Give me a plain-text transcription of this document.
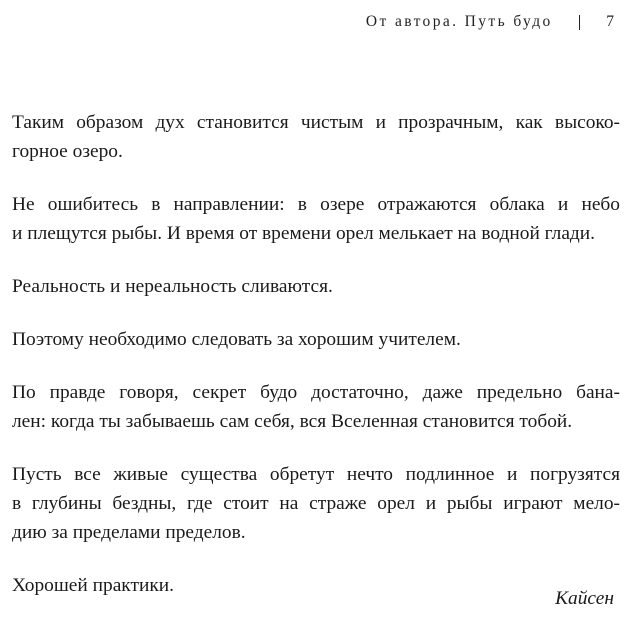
От автора. Путь будо	7

Таким образом дух становится чистым и прозрачным, как высоко-
горное озеро.

Не ошибитесь в направлении: в озере отражаются облака и небо
и плещутся рыбы. И время от времени орел мелькает на водной глади.

Реальность и нереальность сливаются.

Поэтому необходимо следовать за хорошим учителем.

По правде говоря, секрет будо достаточно, даже предельно бана-
лен: когда ты забываешь сам себя, вся Вселенная становится тобой.

Пусть все живые существа обретут нечто подлинное и погрузятся
в глубины бездны, где стоит на страже орел и рыбы играют мело-
дию за пределами пределов.

Хорошей практики.

Кайсен
